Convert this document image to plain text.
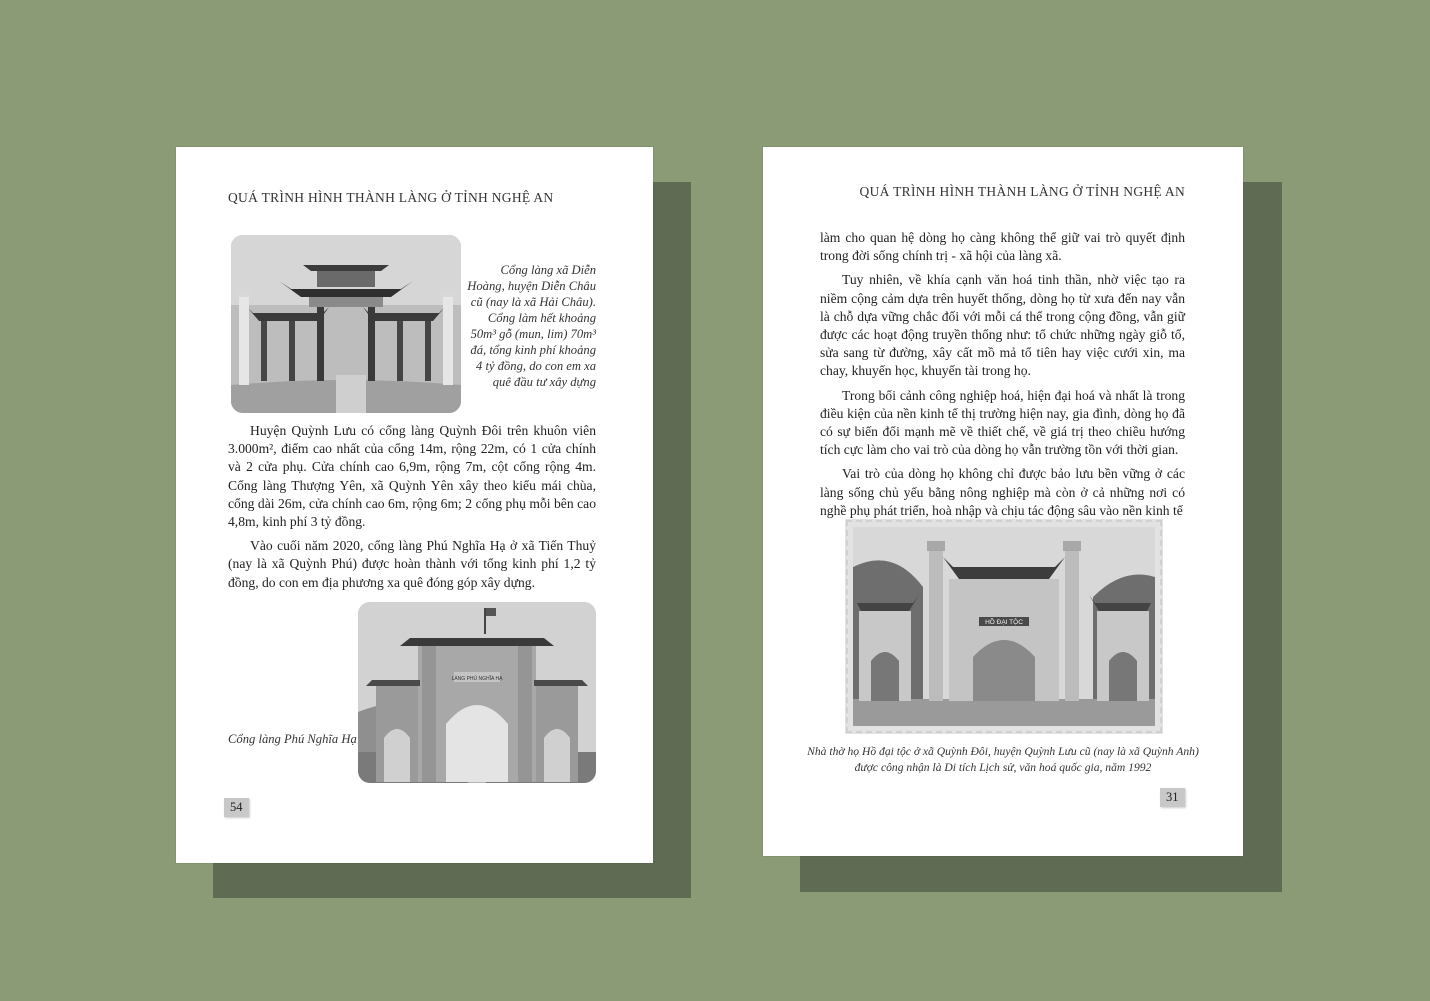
QUÁ TRÌNH HÌNH THÀNH LÀNG Ở TỈNH NGHỆ AN
Cổng làng xã Diễn Hoàng, huyện Diễn Châu cũ (nay là xã Hải Châu). Cổng làm hết khoảng 50m³ gỗ (mun, lim) 70m³ đá, tổng kinh phí khoảng 4 tỷ đồng, do con em xa quê đầu tư xây dựng

Huyện Quỳnh Lưu có cổng làng Quỳnh Đôi trên khuôn viên 3.000m², điểm cao nhất của cổng 14m, rộng 22m, có 1 cửa chính và 2 cửa phụ. Cửa chính cao 6,9m, rộng 7m, cột cổng rộng 4m. Cổng làng Thượng Yên, xã Quỳnh Yên xây theo kiểu mái chùa, cổng dài 26m, cửa chính cao 6m, rộng 6m; 2 cổng phụ mỗi bên cao 4,8m, kinh phí 3 tỷ đồng.

Vào cuối năm 2020, cổng làng Phú Nghĩa Hạ ở xã Tiến Thuỷ (nay là xã Quỳnh Phú) được hoàn thành với tổng kinh phí 1,2 tỷ đồng, do con em địa phương xa quê đóng góp xây dựng.

Cổng làng Phú Nghĩa Hạ
LÀNG PHÚ NGHĨA HẠ
54
QUÁ TRÌNH HÌNH THÀNH LÀNG Ở TỈNH NGHỆ AN

làm cho quan hệ dòng họ càng không thể giữ vai trò quyết định trong đời sống chính trị - xã hội của làng xã.

Tuy nhiên, về khía cạnh văn hoá tinh thần, nhờ việc tạo ra niềm cộng cảm dựa trên huyết thống, dòng họ từ xưa đến nay vẫn là chỗ dựa vững chắc đối với mỗi cá thể trong cộng đồng, vẫn giữ được các hoạt động truyền thống như: tổ chức những ngày giỗ tổ, sửa sang từ đường, xây cất mồ mả tổ tiên hay việc cưới xin, ma chay, khuyến học, khuyến tài trong họ.

Trong bối cảnh công nghiệp hoá, hiện đại hoá và nhất là trong điều kiện của nền kinh tế thị trường hiện nay, gia đình, dòng họ đã có sự biến đổi mạnh mẽ về thiết chế, về giá trị theo chiều hướng tích cực làm cho vai trò của dòng họ vẫn trường tồn với thời gian.

Vai trò của dòng họ không chỉ được bảo lưu bền vững ở các làng sống chủ yếu bằng nông nghiệp mà còn ở cả những nơi có nghề phụ phát triển, hoà nhập và chịu tác động sâu vào nền kinh tế

HỒ ĐẠI TỘC
Nhà thờ họ Hồ đại tộc ở xã Quỳnh Đôi, huyện Quỳnh Lưu cũ (nay là xã Quỳnh Anh)
được công nhận là Di tích Lịch sử, văn hoá quốc gia, năm 1992
31
